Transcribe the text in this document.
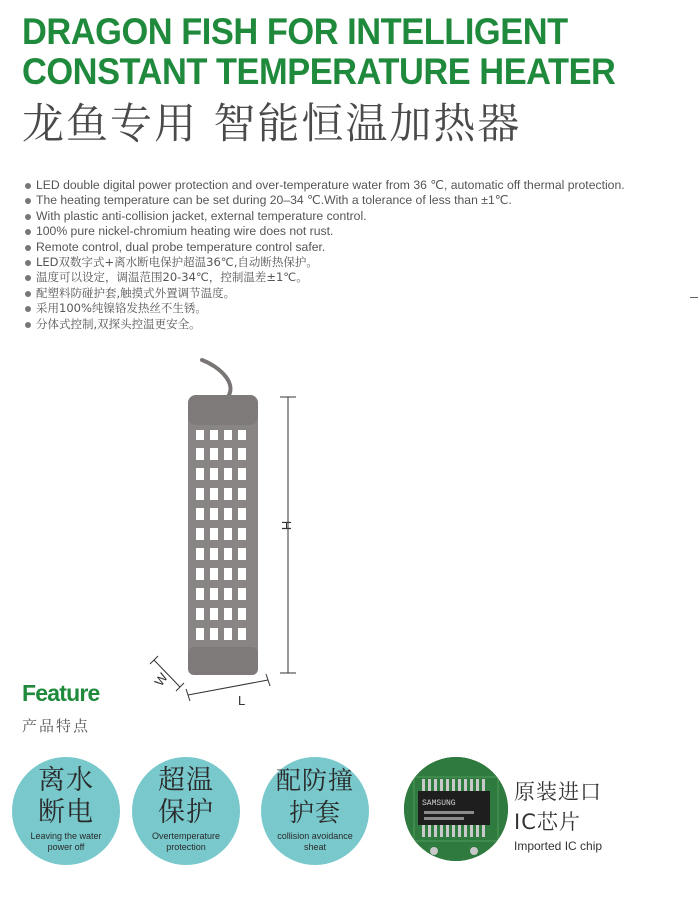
DRAGON FISH FOR INTELLIGENT
CONSTANT TEMPERATURE HEATER
龙鱼专用 智能恒温加热器
LED double digital power protection and over-temperature water from 36 ℃, automatic off thermal protection.
The heating temperature can be set during 20–34 ℃.With a tolerance of less than ±1℃.
With plastic anti-collision jacket, external temperature control.
100% pure nickel-chromium heating wire does not rust.
Remote control, dual probe temperature control safer.
LED双数字式+离水断电保护超温36℃,自动断热保护。
温度可以设定，调温范围20-34℃，控制温差±1℃。
配塑料防碰护套,触摸式外置调节温度。
采用100%纯镍铬发热丝不生锈。
分体式控制,双探头控温更安全。
H
W
L
Feature
产品特点
离水
断电
Leaving the water
power off
超温
保护
Overtemperature
protection
配防撞
护套
collision avoidance
sheat
SAMSUNG	原装进口
IC芯片
Imported IC chip
